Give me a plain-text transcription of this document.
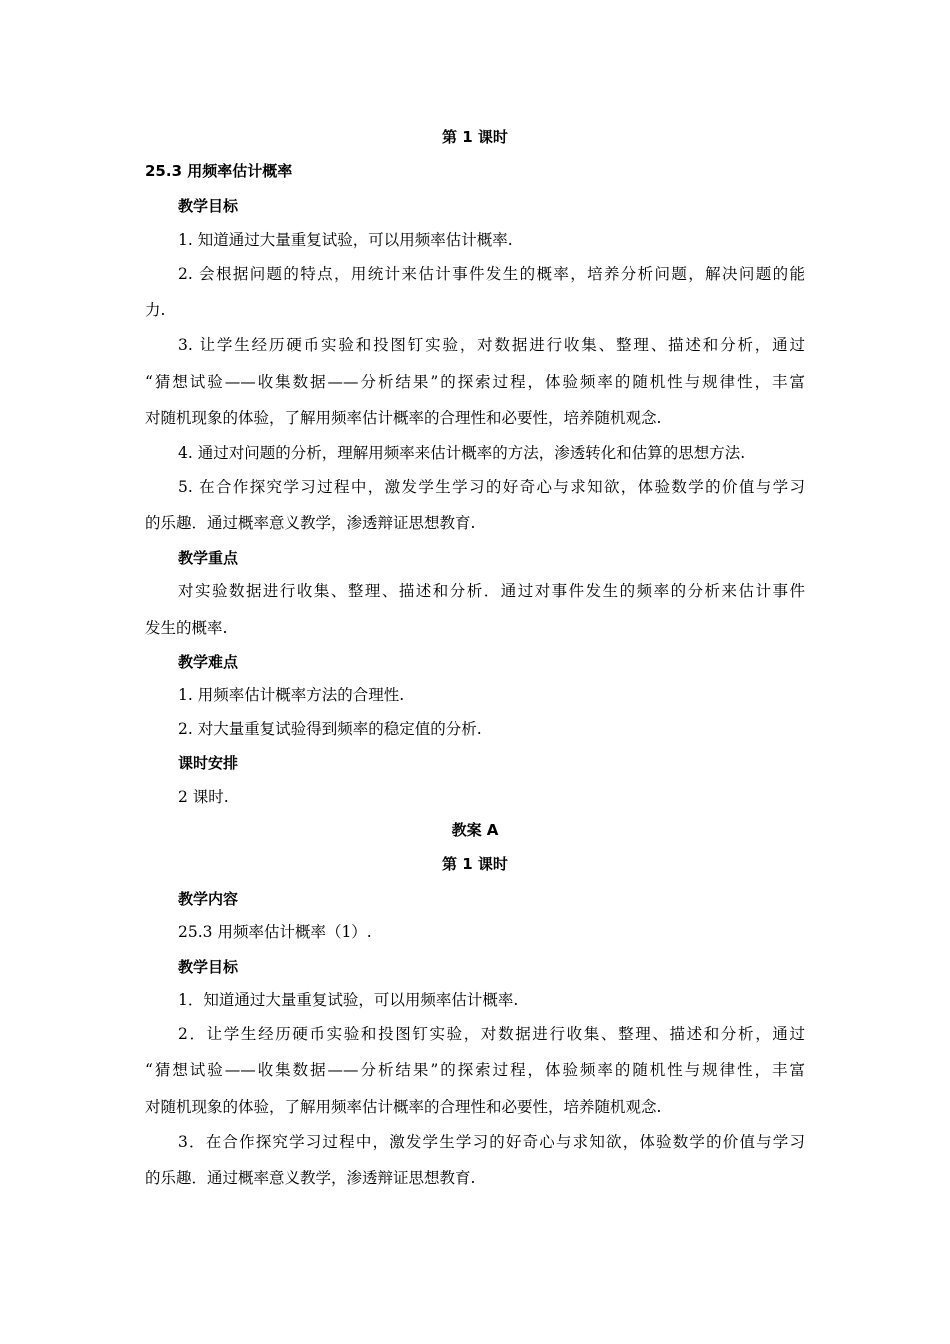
第 1 课时

25.3 用频率估计概率

教学目标

1. 知道通过大量重复试验，可以用频率估计概率.

2. 会根据问题的特点，用统计来估计事件发生的概率，培养分析问题，解决问题的能

力.

3. 让学生经历硬币实验和投图钉实验，对数据进行收集、整理、描述和分析，通过

“猜想试验——收集数据——分析结果”的探索过程，体验频率的随机性与规律性，丰富

对随机现象的体验，了解用频率估计概率的合理性和必要性，培养随机观念.

4. 通过对问题的分析，理解用频率来估计概率的方法，渗透转化和估算的思想方法.

5. 在合作探究学习过程中，激发学生学习的好奇心与求知欲，体验数学的价值与学习

的乐趣．通过概率意义教学，渗透辩证思想教育.

教学重点

对实验数据进行收集、整理、描述和分析．通过对事件发生的频率的分析来估计事件

发生的概率.

教学难点

1. 用频率估计概率方法的合理性.

2. 对大量重复试验得到频率的稳定值的分析.

课时安排

2 课时.

教案 A

第 1 课时

教学内容

25.3 用频率估计概率（1）.

教学目标

1．知道通过大量重复试验，可以用频率估计概率.

2．让学生经历硬币实验和投图钉实验，对数据进行收集、整理、描述和分析，通过

“猜想试验——收集数据——分析结果”的探索过程，体验频率的随机性与规律性，丰富

对随机现象的体验，了解用频率估计概率的合理性和必要性，培养随机观念.

3．在合作探究学习过程中，激发学生学习的好奇心与求知欲，体验数学的价值与学习

的乐趣．通过概率意义教学，渗透辩证思想教育.
